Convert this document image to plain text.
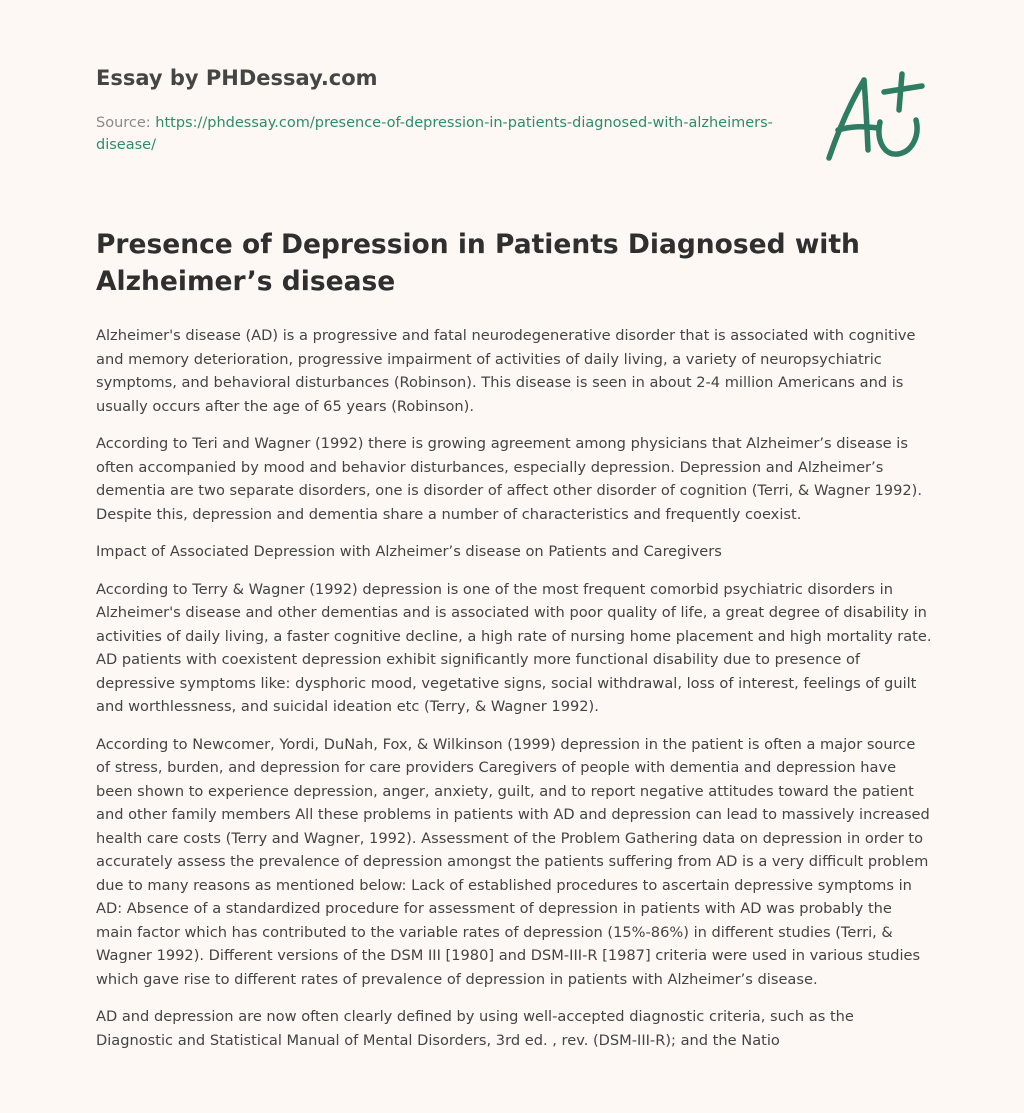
Essay by PHDessay.com
Source: https://phdessay.com/presence-of-depression-in-patients-diagnosed-with-alzheimers-disease/
Presence of Depression in Patients Diagnosed with Alzheimer’s disease

Alzheimer's disease (AD) is a progressive and fatal neurodegenerative disorder that is associated with cognitive and memory deterioration, progressive impairment of activities of daily living, a variety of neuropsychiatric symptoms, and behavioral disturbances (Robinson). This disease is seen in about 2-4 million Americans and is usually occurs after the age of 65 years (Robinson).

According to Teri and Wagner (1992) there is growing agreement among physicians that Alzheimer’s disease is often accompanied by mood and behavior disturbances, especially depression. Depression and Alzheimer’s dementia are two separate disorders, one is disorder of affect other disorder of cognition (Terri, & Wagner 1992). Despite this, depression and dementia share a number of characteristics and frequently coexist.

Impact of Associated Depression with Alzheimer’s disease on Patients and Caregivers

According to Terry & Wagner (1992) depression is one of the most frequent comorbid psychiatric disorders in Alzheimer's disease and other dementias and is associated with poor quality of life, a great degree of disability in activities of daily living, a faster cognitive decline, a high rate of nursing home placement and high mortality rate. AD patients with coexistent depression exhibit significantly more functional disability due to presence of depressive symptoms like: dysphoric mood, vegetative signs, social withdrawal, loss of interest, feelings of guilt and worthlessness, and suicidal ideation etc (Terry, & Wagner 1992).

According to Newcomer, Yordi, DuNah, Fox, & Wilkinson (1999) depression in the patient is often a major source of stress, burden, and depression for care providers Caregivers of people with dementia and depression have been shown to experience depression, anger, anxiety, guilt, and to report negative attitudes toward the patient and other family members All these problems in patients with AD and depression can lead to massively increased health care costs (Terry and Wagner, 1992). Assessment of the Problem Gathering data on depression in order to accurately assess the prevalence of depression amongst the patients suffering from AD is a very difficult problem due to many reasons as mentioned below: Lack of established procedures to ascertain depressive symptoms in AD: Absence of a standardized procedure for assessment of depression in patients with AD was probably the main factor which has contributed to the variable rates of depression (15%-86%) in different studies (Terri, & Wagner 1992). Different versions of the DSM III [1980] and DSM-III-R [1987] criteria were used in various studies which gave rise to different rates of prevalence of depression in patients with Alzheimer’s disease.

AD and depression are now often clearly defined by using well-accepted diagnostic criteria, such as the Diagnostic and Statistical Manual of Mental Disorders, 3rd ed. , rev. (DSM-III-R); and the Natio
